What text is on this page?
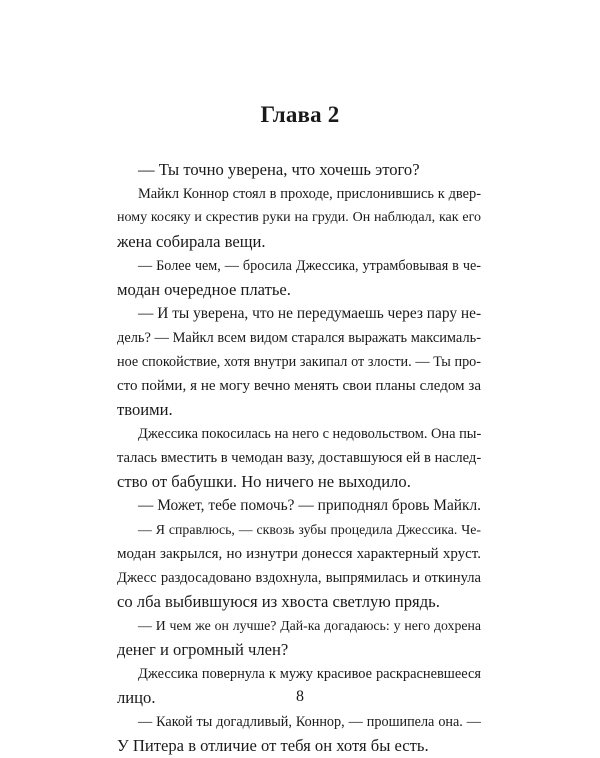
Глава 2
— Ты точно уверена, что хочешь этого?
Майкл Коннор стоял в проходе, прислонившись к двер-
ному косяку и скрестив руки на груди. Он наблюдал, как его
жена собирала вещи.
— Более чем, — бросила Джессика, утрамбовывая в че-
модан очередное платье.
— И ты уверена, что не передумаешь через пару не-
дель? — Майкл всем видом старался выражать максималь-
ное спокойствие, хотя внутри закипал от злости. — Ты про-
сто пойми, я не могу вечно менять свои планы следом за
твоими.
Джессика покосилась на него с недовольством. Она пы-
талась вместить в чемодан вазу, доставшуюся ей в наслед-
ство от бабушки. Но ничего не выходило.
— Может, тебе помочь? — приподнял бровь Майкл.
— Я справлюсь, — сквозь зубы процедила Джессика. Че-
модан закрылся, но изнутри донесся характерный хруст.
Джесс раздосадовано вздохнула, выпрямилась и откинула
со лба выбившуюся из хвоста светлую прядь.
— И чем же он лучше? Дай-ка догадаюсь: у него дохрена
денег и огромный член?
Джессика повернула к мужу красивое раскрасневшееся
лицо.
— Какой ты догадливый, Коннор, — прошипела она. —
У Питера в отличие от тебя он хотя бы есть.
8
